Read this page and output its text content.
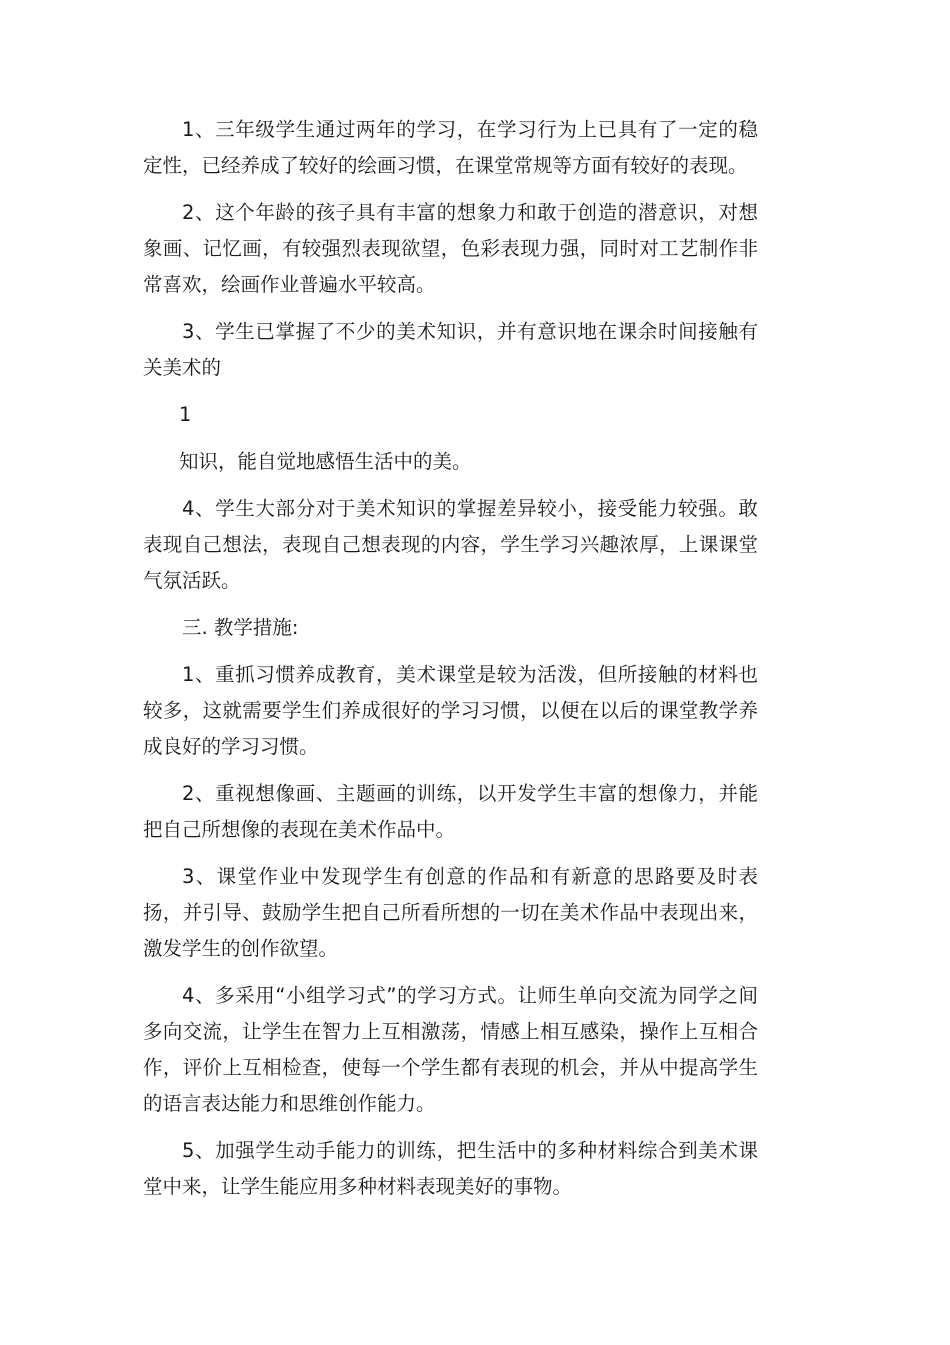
1、三年级学生通过两年的学习，在学习行为上已具有了一定的稳定性，已经养成了较好的绘画习惯，在课堂常规等方面有较好的表现。

2、这个年龄的孩子具有丰富的想象力和敢于创造的潜意识，对想象画、记忆画，有较强烈表现欲望，色彩表现力强，同时对工艺制作非常喜欢，绘画作业普遍水平较高。

3、学生已掌握了不少的美术知识，并有意识地在课余时间接触有关美术的

1

知识，能自觉地感悟生活中的美。

4、学生大部分对于美术知识的掌握差异较小，接受能力较强。敢表现自己想法，表现自己想表现的内容，学生学习兴趣浓厚，上课课堂气氛活跃。

三. 教学措施:

1、重抓习惯养成教育，美术课堂是较为活泼，但所接触的材料也较多，这就需要学生们养成很好的学习习惯，以便在以后的课堂教学养成良好的学习习惯。

2、重视想像画、主题画的训练，以开发学生丰富的想像力，并能把自己所想像的表现在美术作品中。

3、课堂作业中发现学生有创意的作品和有新意的思路要及时表扬，并引导、鼓励学生把自己所看所想的一切在美术作品中表现出来，激发学生的创作欲望。

4、多采用“小组学习式”的学习方式。让师生单向交流为同学之间多向交流，让学生在智力上互相激荡，情感上相互感染，操作上互相合作，评价上互相检查，使每一个学生都有表现的机会，并从中提高学生的语言表达能力和思维创作能力。

5、加强学生动手能力的训练，把生活中的多种材料综合到美术课堂中来，让学生能应用多种材料表现美好的事物。
